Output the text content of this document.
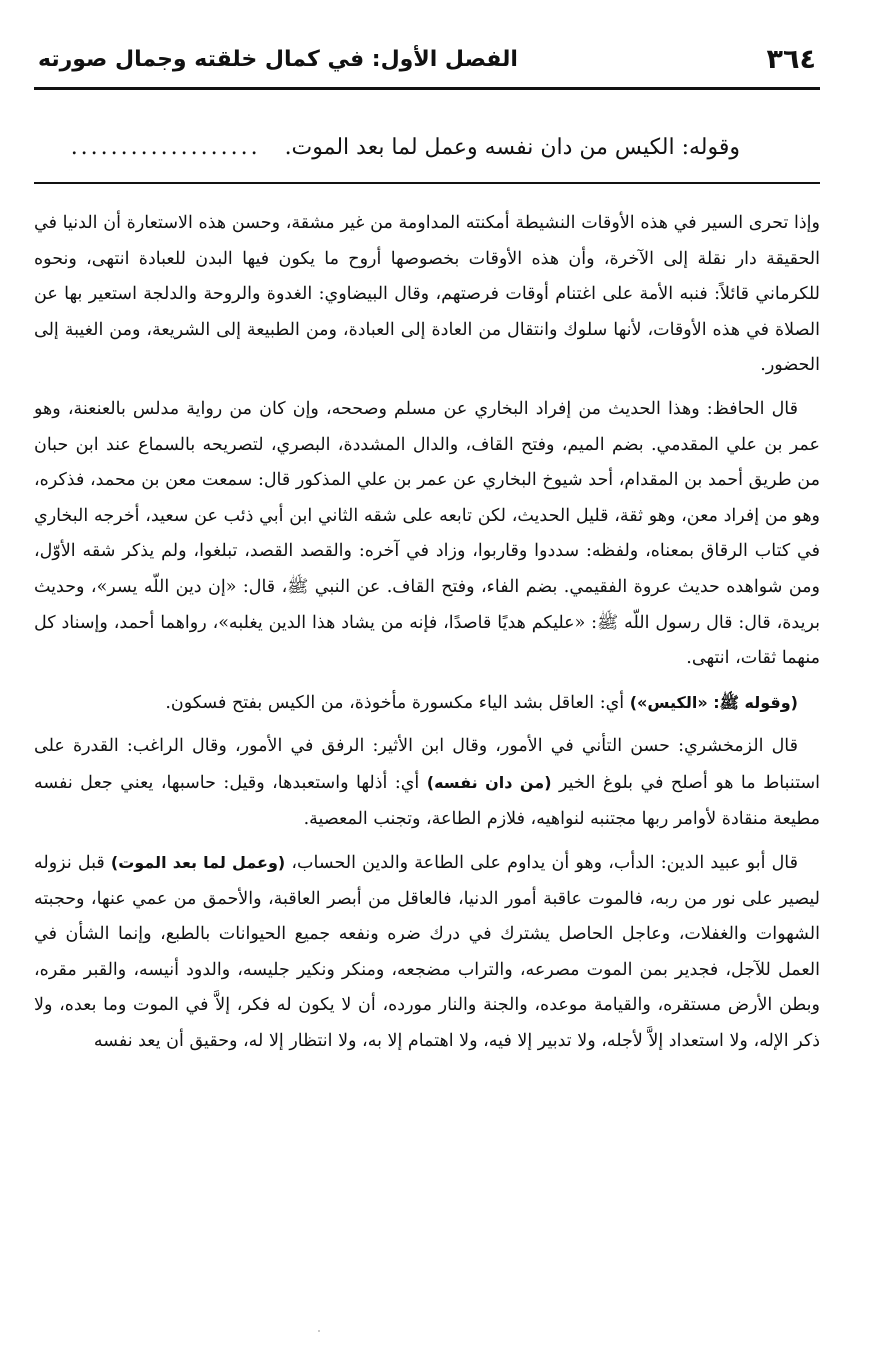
٣٦٤
الفصل الأول: في كمال خلقته وجمال صورته
وقوله: الكيس من دان نفسه وعمل لما بعد الموت....................

وإذا تحرى السير في هذه الأوقات النشيطة أمكنته المداومة من غير مشقة، وحسن هذه الاستعارة أن الدنيا في الحقيقة دار نقلة إلى الآخرة، وأن هذه الأوقات بخصوصها أروح ما يكون فيها البدن للعبادة انتهى، ونحوه للكرماني قائلاً: فنبه الأمة على اغتنام أوقات فرصتهم، وقال البيضاوي: الغدوة والروحة والدلجة استعير بها عن الصلاة في هذه الأوقات، لأنها سلوك وانتقال من العادة إلى العبادة، ومن الطبيعة إلى الشريعة، ومن الغيبة إلى الحضور.

قال الحافظ: وهذا الحديث من إفراد البخاري عن مسلم وصححه، وإن كان من رواية مدلس بالعنعنة، وهو عمر بن علي المقدمي. بضم الميم، وفتح القاف، والدال المشددة، البصري، لتصريحه بالسماع عند ابن حبان من طريق أحمد بن المقدام، أحد شيوخ البخاري عن عمر بن علي المذكور قال: سمعت معن بن محمد، فذكره، وهو من إفراد معن، وهو ثقة، قليل الحديث، لكن تابعه على شقه الثاني ابن أبي ذئب عن سعيد، أخرجه البخاري في كتاب الرقاق بمعناه، ولفظه: سددوا وقاربوا، وزاد في آخره: والقصد القصد، تبلغوا، ولم يذكر شقه الأوّل، ومن شواهده حديث عروة الفقيمي. بضم الفاء، وفتح القاف. عن النبي ﷺ، قال: «إن دين اللّه يسر»، وحديث بريدة، قال: قال رسول اللّه ﷺ: «عليكم هديًا قاصدًا، فإنه من يشاد هذا الدين يغلبه»، رواهما أحمد، وإسناد كل منهما ثقات، انتهى.

(وقوله ﷺ: «الكيس») أي: العاقل بشد الياء مكسورة مأخوذة، من الكيس بفتح فسكون.

قال الزمخشري: حسن التأني في الأمور، وقال ابن الأثير: الرفق في الأمور، وقال الراغب: القدرة على استنباط ما هو أصلح في بلوغ الخير (من دان نفسه) أي: أذلها واستعبدها، وقيل: حاسبها، يعني جعل نفسه مطيعة منقادة لأوامر ربها مجتنبه لنواهيه، فلازم الطاعة، وتجنب المعصية.

قال أبو عبيد الدين: الدأب، وهو أن يداوم على الطاعة والدين الحساب، (وعمل لما بعد الموت) قبل نزوله ليصير على نور من ربه، فالموت عاقبة أمور الدنيا، فالعاقل من أبصر العاقبة، والأحمق من عمي عنها، وحجبته الشهوات والغفلات، وعاجل الحاصل يشترك في درك ضره ونفعه جميع الحيوانات بالطبع، وإنما الشأن في العمل للآجل، فجدير بمن الموت مصرعه، والتراب مضجعه، ومنكر ونكير جليسه، والدود أنيسه، والقبر مقره، وبطن الأرض مستقره، والقيامة موعده، والجنة والنار مورده، أن لا يكون له فكر، إلاَّ في الموت وما بعده، ولا ذكر الإله، ولا استعداد إلاَّ لأجله، ولا تدبير إلا فيه، ولا اهتمام إلا به، ولا انتظار إلا له، وحقيق أن يعد نفسه
